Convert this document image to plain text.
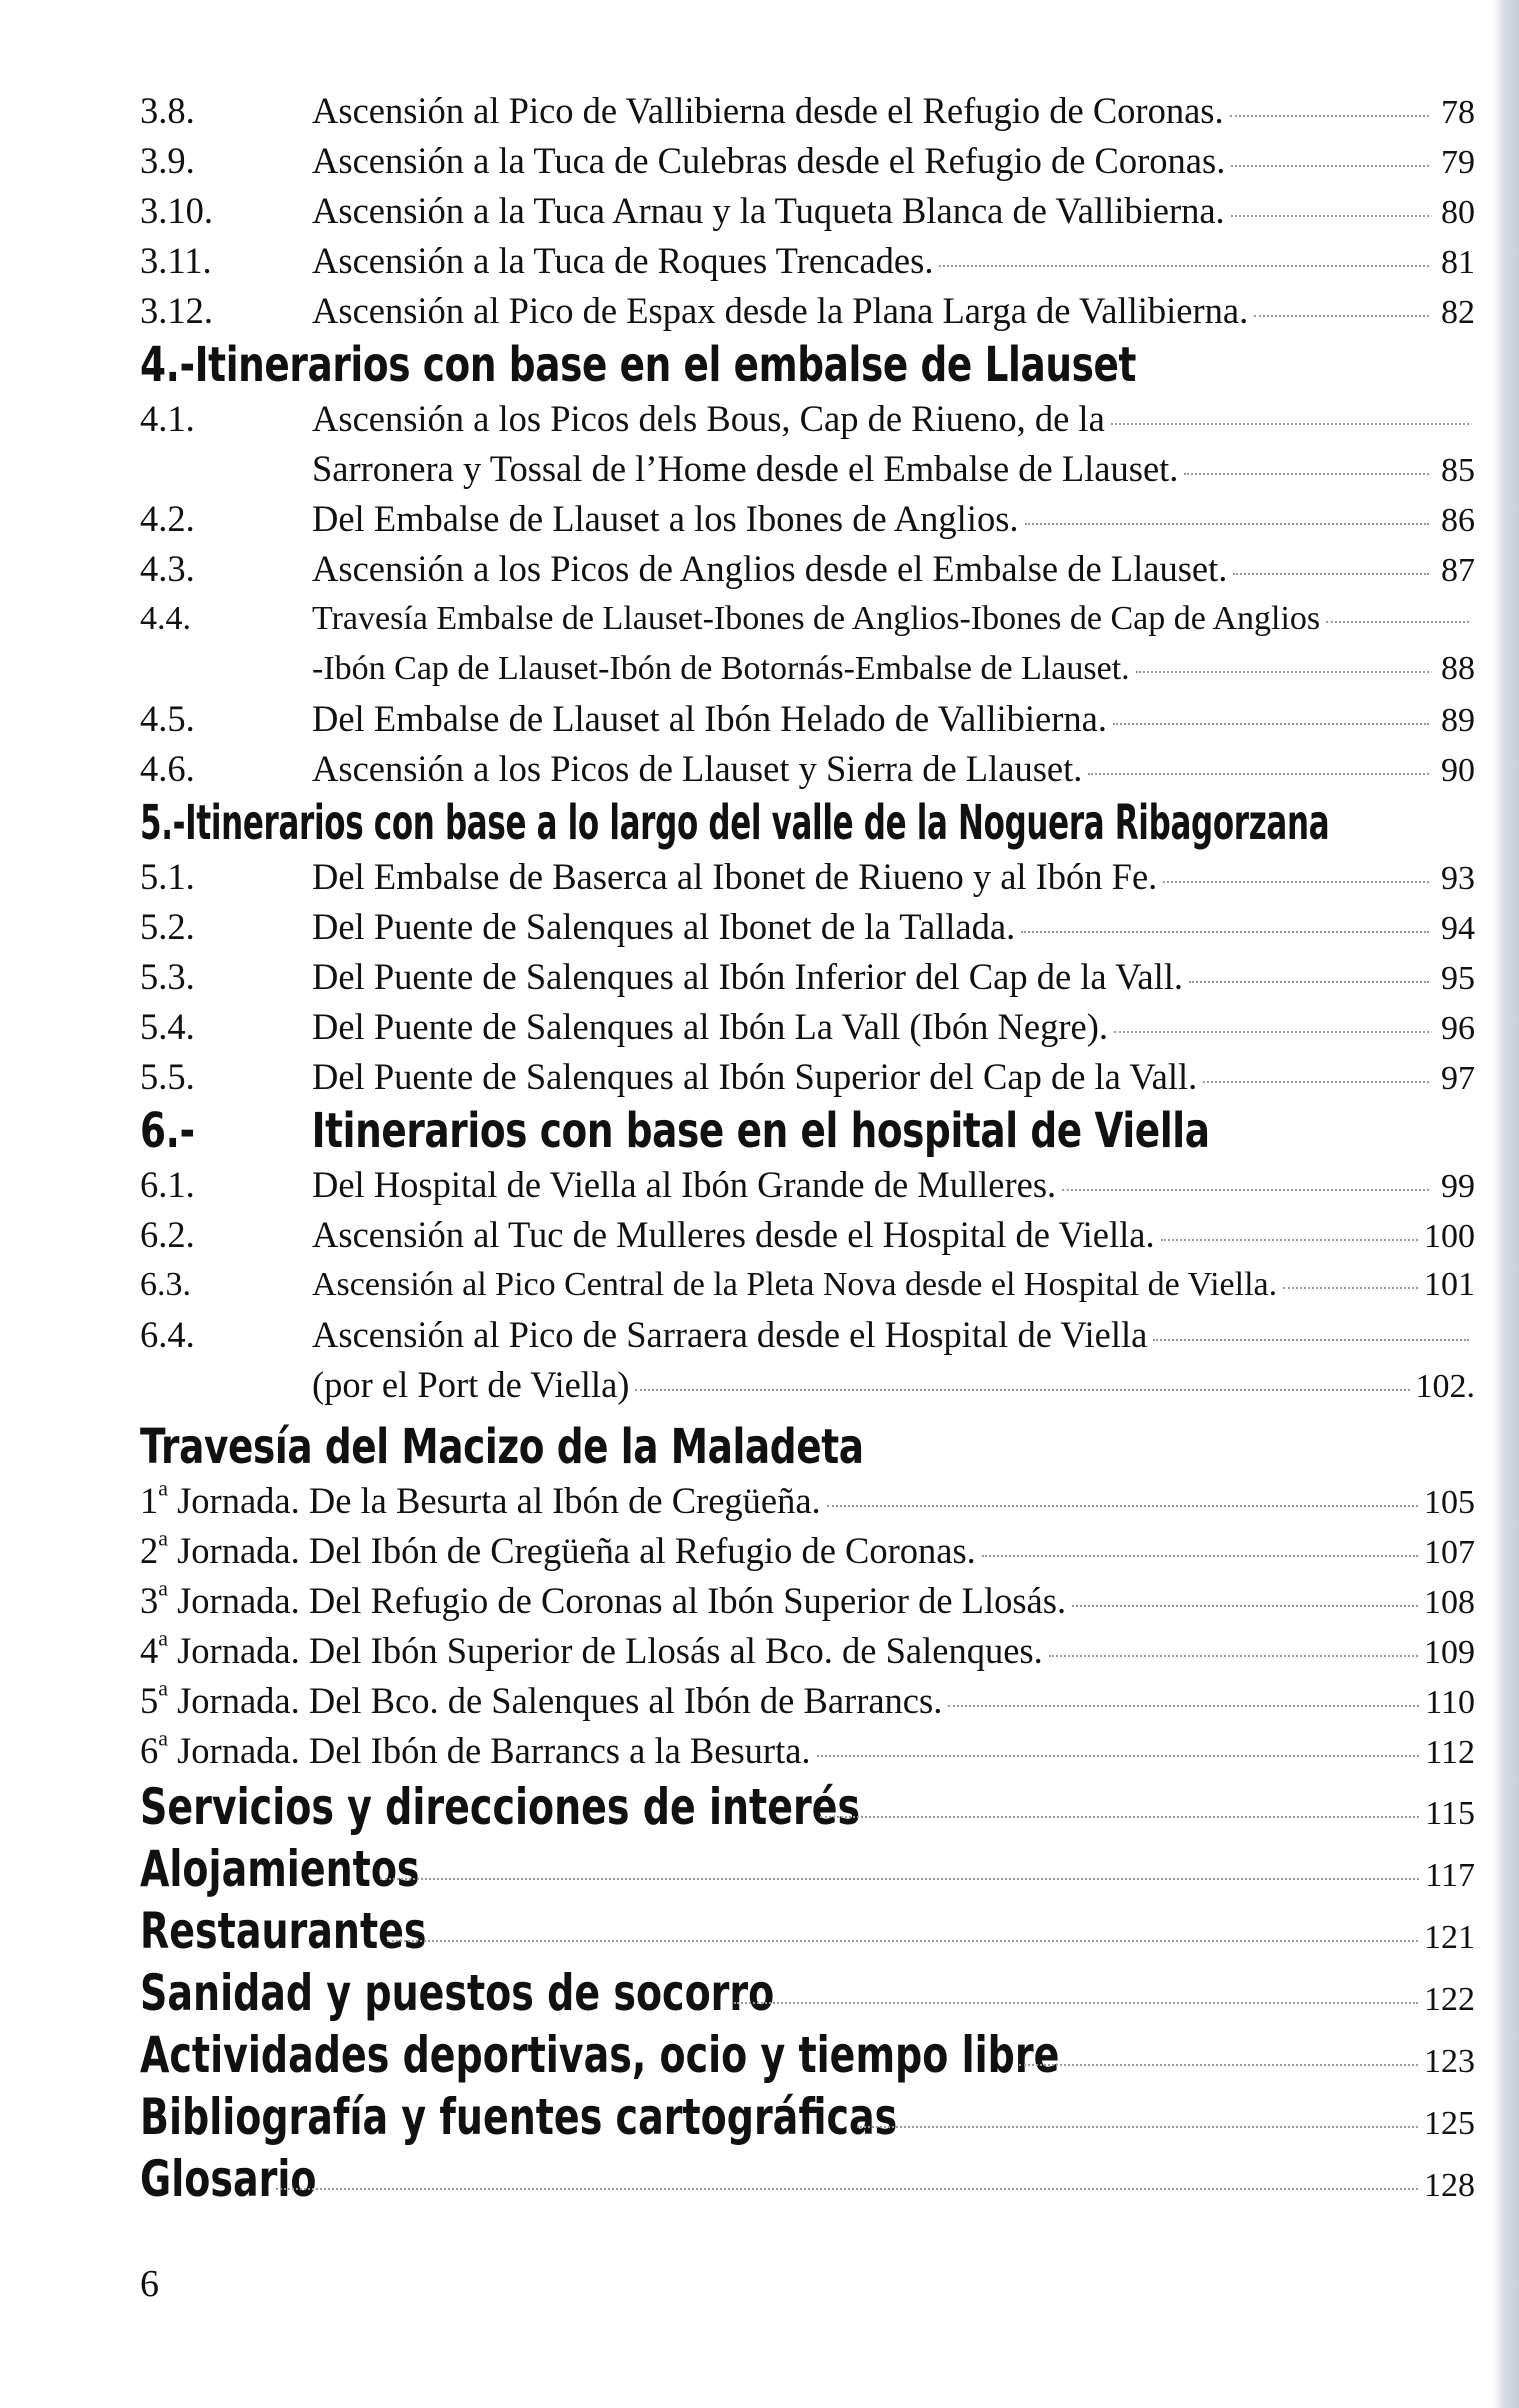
3.8.	Ascensión al Pico de Vallibierna desde el Refugio de Coronas.	78
3.9.	Ascensión a la Tuca de Culebras desde el Refugio de Coronas.	79
3.10.	Ascensión a la Tuca Arnau y la Tuqueta Blanca de Vallibierna.	80
3.11.	Ascensión a la Tuca de Roques Trencades.	81
3.12.	Ascensión al Pico de Espax desde la Plana Larga de Vallibierna.	82
4.-Itinerarios con base en el embalse de Llauset
4.1.	Ascensión a los Picos dels Bous, Cap de Riueno, de la
Sarronera y Tossal de l’Home desde el Embalse de Llauset.	85
4.2.	Del Embalse de Llauset a los Ibones de Anglios.	86
4.3.	Ascensión a los Picos de Anglios desde el Embalse de Llauset.	87
4.4.	Travesía Embalse de Llauset-Ibones de Anglios-Ibones de Cap de Anglios
-Ibón Cap de Llauset-Ibón de Botornás-Embalse de Llauset.	88
4.5.	Del Embalse de Llauset al Ibón Helado de Vallibierna.	89
4.6.	Ascensión a los Picos de Llauset y Sierra de Llauset.	90
5.-Itinerarios con base a lo largo del valle de la Noguera Ribagorzana
5.1.	Del Embalse de Baserca al Ibonet de Riueno y al Ibón Fe.	93
5.2.	Del Puente de Salenques al Ibonet de la Tallada.	94
5.3.	Del Puente de Salenques al Ibón Inferior del Cap de la Vall.	95
5.4.	Del Puente de Salenques al Ibón La Vall (Ibón Negre).	96
5.5.	Del Puente de Salenques al Ibón Superior del Cap de la Vall.	97
6.-	Itinerarios con base en el hospital de Viella
6.1.	Del Hospital de Viella al Ibón Grande de Mulleres.	99
6.2.	Ascensión al Tuc de Mulleres desde el Hospital de Viella.	100
6.3.	Ascensión al Pico Central de la Pleta Nova desde el Hospital de Viella.	101
6.4.	Ascensión al Pico de Sarraera desde el Hospital de Viella
(por el Port de Viella)	102.
Travesía del Macizo de la Maladeta
1$^a$ Jornada. De la Besurta al Ibón de Cregüeña.	105
2$^a$ Jornada. Del Ibón de Cregüeña al Refugio de Coronas.	107
3$^a$ Jornada. Del Refugio de Coronas al Ibón Superior de Llosás.	108
4$^a$ Jornada. Del Ibón Superior de Llosás al Bco. de Salenques.	109
5$^a$ Jornada. Del Bco. de Salenques al Ibón de Barrancs.	110
6$^a$ Jornada. Del Ibón de Barrancs a la Besurta.	112
Servicios y direcciones de interés	115
Alojamientos	117
Restaurantes	121
Sanidad y puestos de socorro	122
Actividades deportivas, ocio y tiempo libre	123
Bibliografía y fuentes cartográficas	125
Glosario	128
6
